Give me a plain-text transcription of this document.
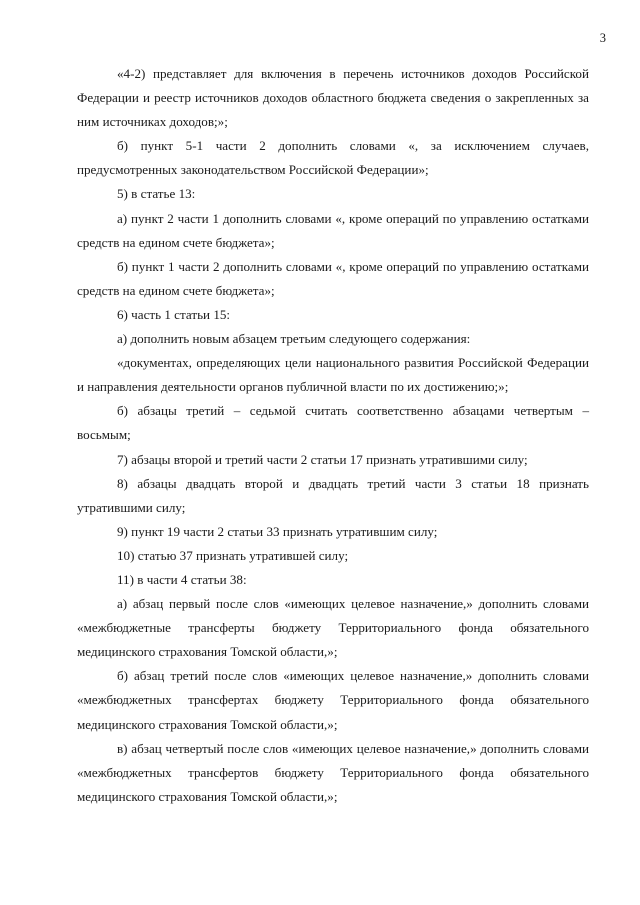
3

«4-2) представляет для включения в перечень источников доходов Российской Федерации и реестр источников доходов областного бюджета сведения о закрепленных за ним источниках доходов;»;

б) пункт 5-1 части 2 дополнить словами «, за исключением случаев, предусмотренных законодательством Российской Федерации»;

5) в статье 13:

а) пункт 2 части 1 дополнить словами «, кроме операций по управлению остатками средств на едином счете бюджета»;

б) пункт 1 части 2 дополнить словами «, кроме операций по управлению остатками средств на едином счете бюджета»;

6) часть 1 статьи 15:

а) дополнить новым абзацем третьим следующего содержания:

«документах, определяющих цели национального развития Российской Федерации и направления деятельности органов публичной власти по их достижению;»;

б) абзацы третий – седьмой считать соответственно абзацами четвертым – восьмым;

7) абзацы второй и третий части 2 статьи 17 признать утратившими силу;

8) абзацы двадцать второй и двадцать третий части 3 статьи 18 признать утратившими силу;

9) пункт 19 части 2 статьи 33 признать утратившим силу;

10) статью 37 признать утратившей силу;

11) в части 4 статьи 38:

а) абзац первый после слов «имеющих целевое назначение,» дополнить словами «межбюджетные трансферты бюджету Территориального фонда обязательного медицинского страхования Томской области,»;

б) абзац третий после слов «имеющих целевое назначение,» дополнить словами «межбюджетных трансфертах бюджету Территориального фонда обязательного медицинского страхования Томской области,»;

в) абзац четвертый после слов «имеющих целевое назначение,» дополнить словами «межбюджетных трансфертов бюджету Территориального фонда обязательного медицинского страхования Томской области,»;
